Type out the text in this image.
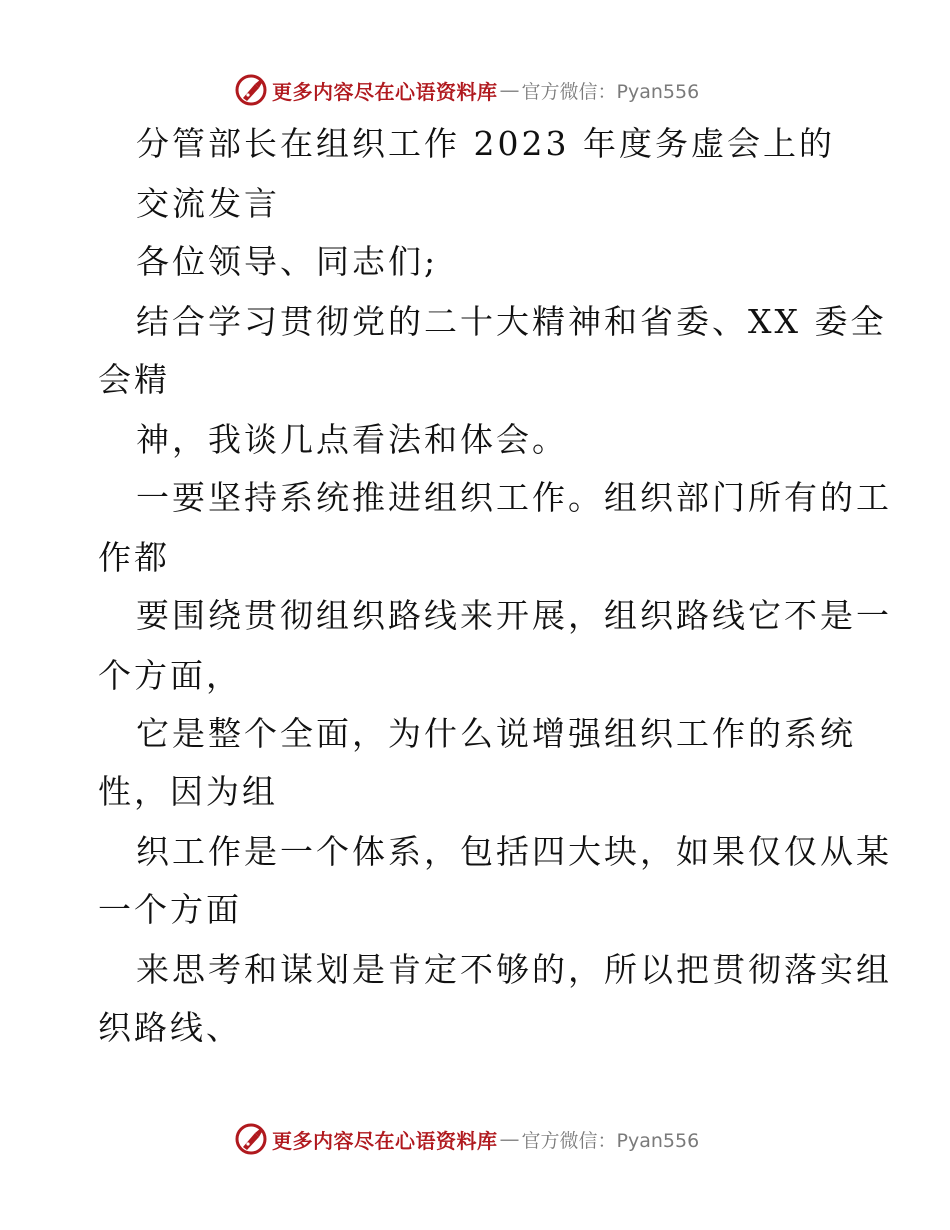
更多内容尽在心语资料库 — 官方微信：Pyan556
分管部长在组织工作 2023 年度务虚会上的
交流发言
各位领导、同志们;
结合学习贯彻党的二十大精神和省委、XX 委全
会精
神，我谈几点看法和体会。
一要坚持系统推进组织工作。组织部门所有的工
作都
要围绕贯彻组织路线来开展，组织路线它不是一
个方面，
它是整个全面，为什么说增强组织工作的系统
性，因为组
织工作是一个体系，包括四大块，如果仅仅从某
一个方面
来思考和谋划是肯定不够的，所以把贯彻落实组
织路线、
更多内容尽在心语资料库 — 官方微信：Pyan556
